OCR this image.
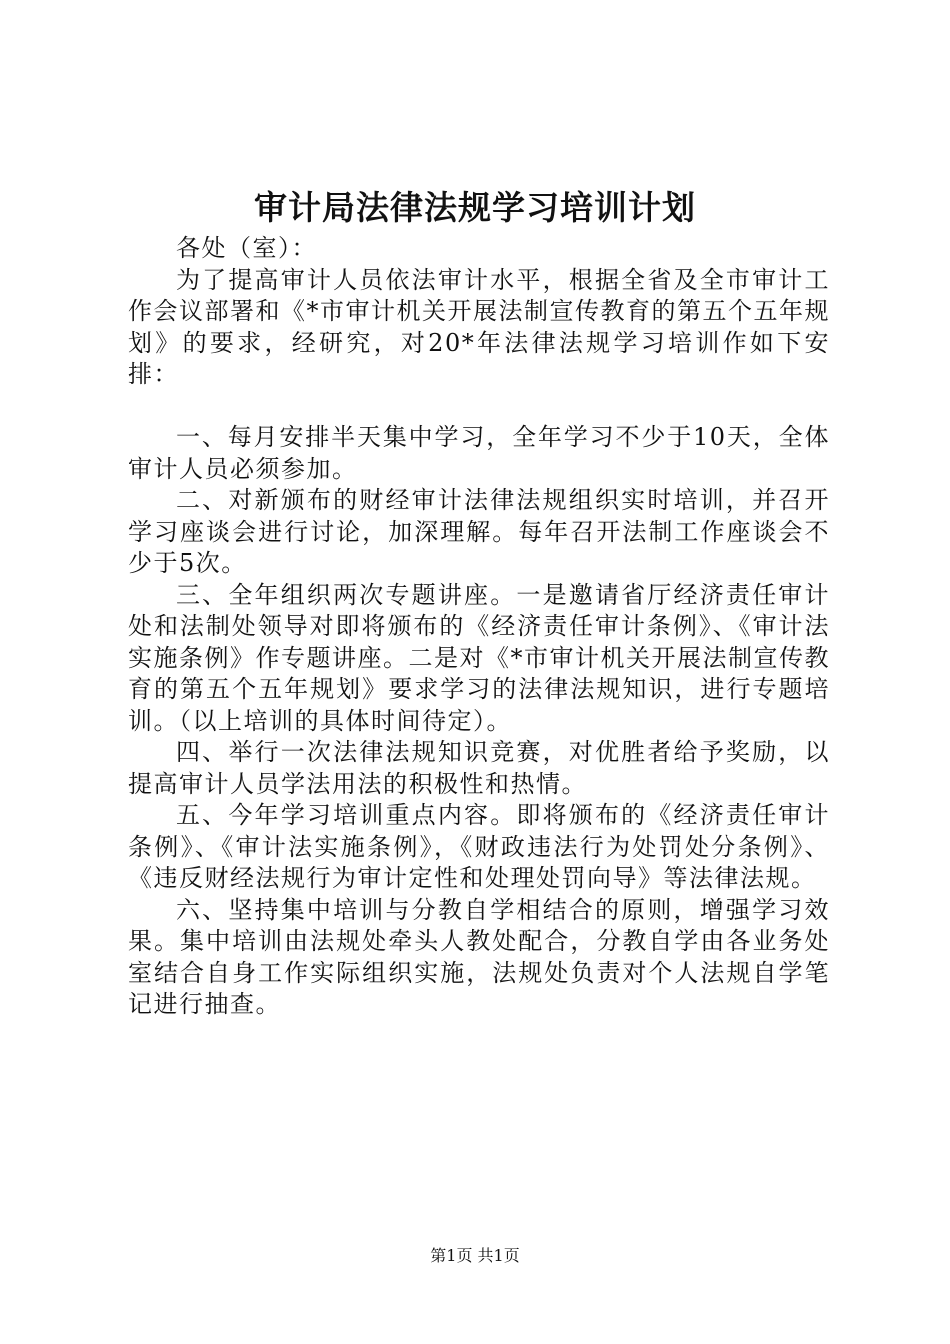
审计局法律法规学习培训计划

各处（室）：

为了提高审计人员依法审计水平，根据全省及全市审计工作会议部署和《*市审计机关开展法制宣传教育的第五个五年规划》的要求，经研究，对20*年法律法规学习培训作如下安排：

一、每月安排半天集中学习，全年学习不少于10天，全体审计人员必须参加。

二、对新颁布的财经审计法律法规组织实时培训，并召开学习座谈会进行讨论，加深理解。每年召开法制工作座谈会不少于5次。

三、全年组织两次专题讲座。一是邀请省厅经济责任审计处和法制处领导对即将颁布的《经济责任审计条例》、《审计法实施条例》作专题讲座。二是对《*市审计机关开展法制宣传教育的第五个五年规划》要求学习的法律法规知识，进行专题培训。（以上培训的具体时间待定）。

四、举行一次法律法规知识竞赛，对优胜者给予奖励，以提高审计人员学法用法的积极性和热情。

五、今年学习培训重点内容。即将颁布的《经济责任审计条例》、《审计法实施条例》，《财政违法行为处罚处分条例》、《违反财经法规行为审计定性和处理处罚向导》等法律法规。

六、坚持集中培训与分教自学相结合的原则，增强学习效果。集中培训由法规处牵头人教处配合，分教自学由各业务处室结合自身工作实际组织实施，法规处负责对个人法规自学笔记进行抽查。

第1页 共1页
